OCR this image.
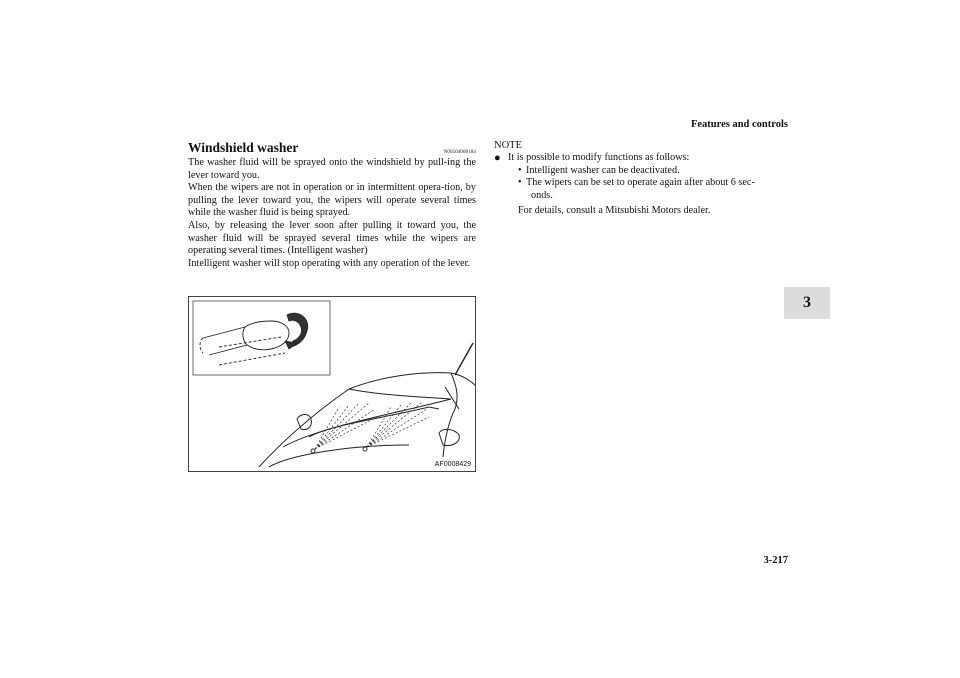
Features and controls
3
Windshield washer	N00504000184

The washer fluid will be sprayed onto the windshield by pull-ing the lever toward you.

When the wipers are not in operation or in intermittent opera-tion, by pulling the lever toward you, the wipers will operate several times while the washer fluid is being sprayed.

Also, by releasing the lever soon after pulling it toward you, the washer fluid will be sprayed several times while the wipers are operating several times. (Intelligent washer)

Intelligent washer will stop operating with any operation of the lever.

AF0008429

NOTE

● It is possible to modify functions as follows:
• Intelligent washer can be deactivated.
• The wipers can be set to operate again after about 6 sec-
onds.
For details, consult a Mitsubishi Motors dealer.
3-217
